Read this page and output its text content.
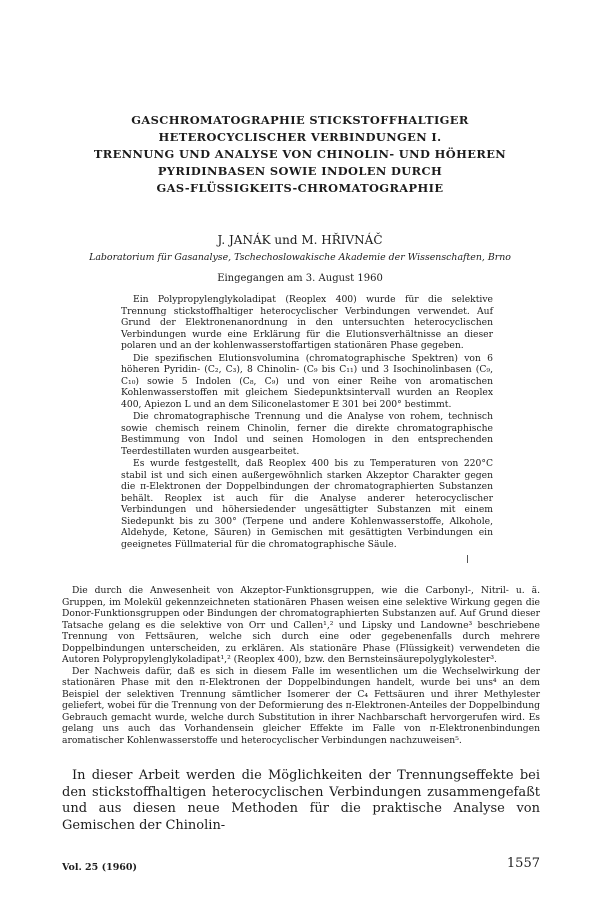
GASCHROMATOGRAPHIE STICKSTOFFHALTIGER
HETEROCYCLISCHER VERBINDUNGEN I.
TRENNUNG UND ANALYSE VON CHINOLIN- UND HÖHEREN
PYRIDINBASEN SOWIE INDOLEN DURCH
GAS-FLÜSSIGKEITS-CHROMATOGRAPHIE
J. JANÁK und M. HŘIVNÁČ
Laboratorium für Gasanalyse, Tschechoslowakische Akademie der Wissenschaften, Brno
Eingegangen am 3. August 1960

Ein Polypropylenglykoladipat (Reoplex 400) wurde für die selektive Trennung stickstoffhaltiger heterocyclischer Verbindungen verwendet. Auf Grund der Elektronenanordnung in den untersuchten heterocyclischen Verbindungen wurde eine Erklärung für die Elutionsverhältnisse an dieser polaren und an der kohlenwasserstoffartigen stationären Phase gegeben.

Die spezifischen Elutionsvolumina (chromatographische Spektren) von 6 höheren Pyridin- (C₂, C₃), 8 Chinolin- (C₉ bis C₁₁) und 3 Isochinolinbasen (C₉, C₁₀) sowie 5 Indolen (C₈, C₉) und von einer Reihe von aromatischen Kohlenwasserstoffen mit gleichem Siedepunktsintervall wurden an Reoplex 400, Apiezon L und an dem Siliconelastomer E 301 bei 200° bestimmt.

Die chromatographische Trennung und die Analyse von rohem, technisch sowie chemisch reinem Chinolin, ferner die direkte chromatographische Bestimmung von Indol und seinen Homologen in den entsprechenden Teerdestillaten wurden ausgearbeitet.

Es wurde festgestellt, daß Reoplex 400 bis zu Temperaturen von 220°C stabil ist und sich einen außergewöhnlich starken Akzeptor Charakter gegen die π-Elektronen der Doppelbindungen der chromatographierten Substanzen behält. Reoplex ist auch für die Analyse anderer heterocyclischer Verbindungen und höhersiedender ungesättigter Substanzen mit einem Siedepunkt bis zu 300° (Terpene und andere Kohlenwasserstoffe, Alkohole, Aldehyde, Ketone, Säuren) in Gemischen mit gesättigten Verbindungen ein geeignetes Füllmaterial für die chromatographische Säule.

Die durch die Anwesenheit von Akzeptor-Funktionsgruppen, wie die Carbonyl-, Nitril- u. ä. Gruppen, im Molekül gekennzeichneten stationären Phasen weisen eine selektive Wirkung gegen die Donor-Funktionsgruppen oder Bindungen der chromatographierten Substanzen auf. Auf Grund dieser Tatsache gelang es die selektive von Orr und Callen¹,² und Lipsky und Landowne³ beschriebene Trennung von Fettsäuren, welche sich durch eine oder gegebenenfalls durch mehrere Doppelbindungen unterscheiden, zu erklären. Als stationäre Phase (Flüssigkeit) verwendeten die Autoren Polypropylenglykoladipat¹,² (Reoplex 400), bzw. den Bernsteinsäurepolyglykolester³.

Der Nachweis dafür, daß es sich in diesem Falle im wesentlichen um die Wechselwirkung der stationären Phase mit den π-Elektronen der Doppelbindungen handelt, wurde bei uns⁴ an dem Beispiel der selektiven Trennung sämtlicher Isomerer der C₄ Fettsäuren und ihrer Methylester geliefert, wobei für die Trennung von der Deformierung des π-Elektronen-Anteiles der Doppelbindung Gebrauch gemacht wurde, welche durch Substitution in ihrer Nachbarschaft hervorgerufen wird. Es gelang uns auch das Vorhandensein gleicher Effekte im Falle von π-Elektronenbindungen aromatischer Kohlenwasserstoffe und heterocyclischer Verbindungen nachzuweisen⁵.

In dieser Arbeit werden die Möglichkeiten der Trennungseffekte bei den stickstoffhaltigen heterocyclischen Verbindungen zusammengefaßt und aus diesen neue Methoden für die praktische Analyse von Gemischen der Chinolin-

Vol. 25 (1960)	1557
